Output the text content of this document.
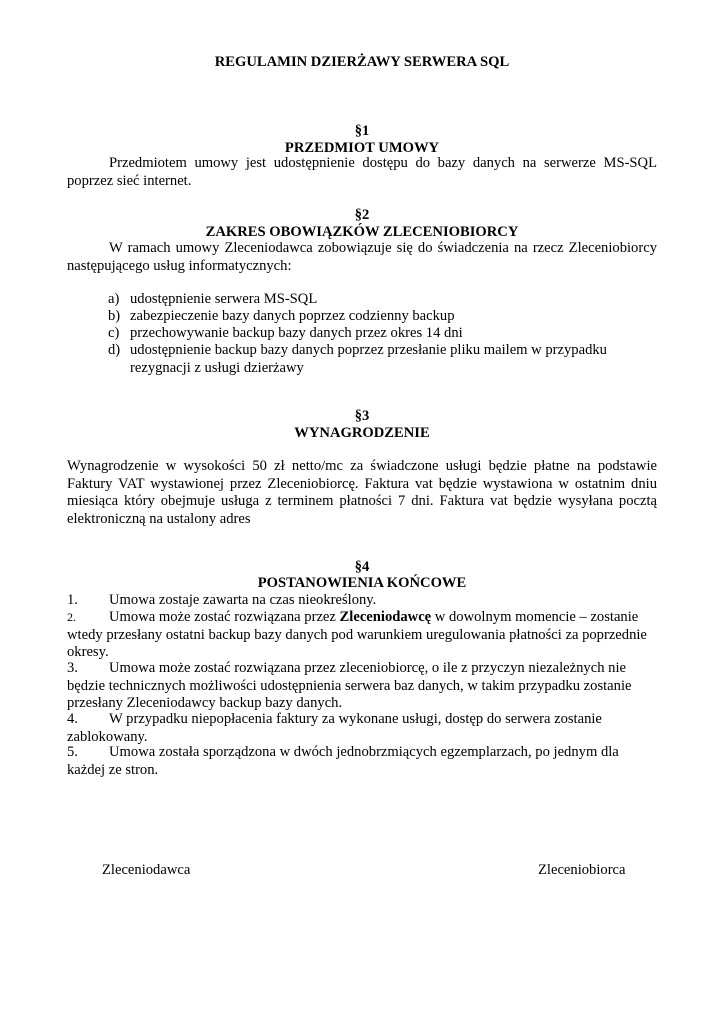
REGULAMIN DZIERŻAWY SERWERA SQL
§1
PRZEDMIOT UMOWY
Przedmiotem umowy jest udostępnienie dostępu do bazy danych na serwerze MS-SQL poprzez sieć internet.
§2
ZAKRES OBOWIĄZKÓW ZLECENIOBIORCY
W ramach umowy Zleceniodawca zobowiązuje się do świadczenia na rzecz Zleceniobiorcy następującego usług informatycznych:
a) udostępnienie serwera MS-SQL
b) zabezpieczenie bazy danych poprzez codzienny backup
c) przechowywanie backup bazy danych przez okres 14 dni
d) udostępnienie backup bazy danych poprzez przesłanie pliku mailem w przypadku rezygnacji z usługi dzierżawy
§3
WYNAGRODZENIE
Wynagrodzenie w wysokości 50 zł netto/mc za świadczone usługi będzie płatne na podstawie Faktury VAT wystawionej przez Zleceniobiorcę. Faktura vat będzie wystawiona w ostatnim dniu miesiąca który obejmuje usługa z terminem płatności 7 dni. Faktura vat będzie wysyłana pocztą elektroniczną na ustalony adres
§4
POSTANOWIENIA KOŃCOWE
1. Umowa zostaje zawarta na czas nieokreślony.
2. Umowa może zostać rozwiązana przez Zleceniodawcę w dowolnym momencie – zostanie wtedy przesłany ostatni backup bazy danych pod warunkiem uregulowania płatności za poprzednie okresy.
3. Umowa może zostać rozwiązana przez zleceniobiorcę, o ile z przyczyn niezależnych nie będzie technicznych możliwości udostępnienia serwera baz danych, w takim przypadku zostanie przesłany Zleceniodawcy backup bazy danych.
4. W przypadku niepopłacenia faktury za wykonane usługi, dostęp do serwera zostanie zablokowany.
5. Umowa została sporządzona w dwóch jednobrzmiących egzemplarzach, po jednym dla każdej ze stron.
Zleceniodawca	Zleceniobiorca
